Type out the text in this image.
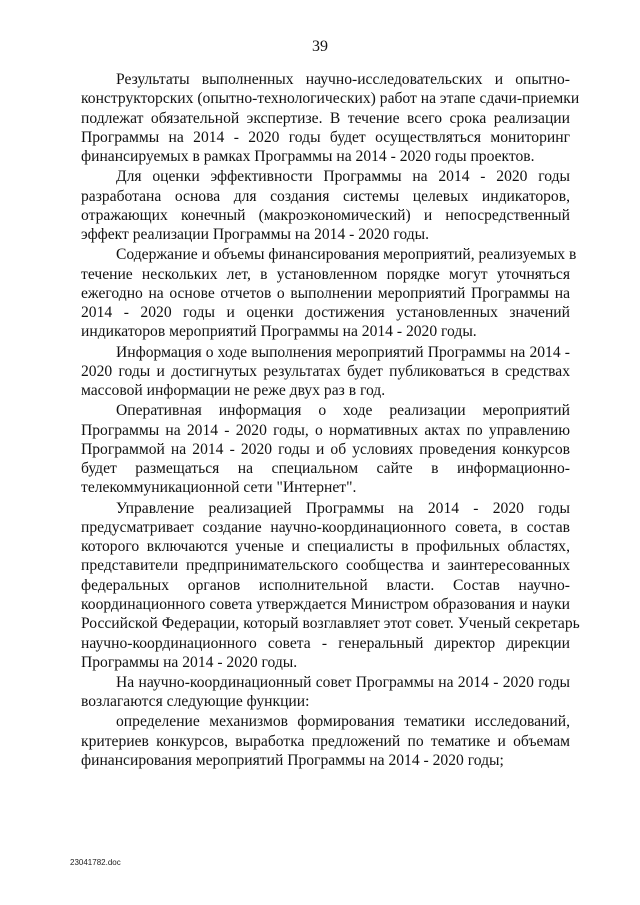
39
Результаты выполненных научно-исследовательских и опытно-
конструкторских (опытно-технологических) работ на этапе сдачи-приемки
подлежат обязательной экспертизе. В течение всего срока реализации
Программы на 2014 - 2020 годы будет осуществляться мониторинг
финансируемых в рамках Программы на 2014 - 2020 годы проектов.
Для оценки эффективности Программы на 2014 - 2020 годы
разработана основа для создания системы целевых индикаторов,
отражающих конечный (макроэкономический) и непосредственный
эффект реализации Программы на 2014 - 2020 годы.
Содержание и объемы финансирования мероприятий, реализуемых в
течение нескольких лет, в установленном порядке могут уточняться
ежегодно на основе отчетов о выполнении мероприятий Программы на
2014 - 2020 годы и оценки достижения установленных значений
индикаторов мероприятий Программы на 2014 - 2020 годы.
Информация о ходе выполнения мероприятий Программы на 2014 -
2020 годы и достигнутых результатах будет публиковаться в средствах
массовой информации не реже двух раз в год.
Оперативная информация о ходе реализации мероприятий
Программы на 2014 - 2020 годы, о нормативных актах по управлению
Программой на 2014 - 2020 годы и об условиях проведения конкурсов
будет размещаться на специальном сайте в информационно-
телекоммуникационной сети "Интернет".
Управление реализацией Программы на 2014 - 2020 годы
предусматривает создание научно-координационного совета, в состав
которого включаются ученые и специалисты в профильных областях,
представители предпринимательского сообщества и заинтересованных
федеральных органов исполнительной власти. Состав научно-
координационного совета утверждается Министром образования и науки
Российской Федерации, который возглавляет этот совет. Ученый секретарь
научно-координационного совета - генеральный директор дирекции
Программы на 2014 - 2020 годы.
На научно-координационный совет Программы на 2014 - 2020 годы
возлагаются следующие функции:
определение механизмов формирования тематики исследований,
критериев конкурсов, выработка предложений по тематике и объемам
финансирования мероприятий Программы на 2014 - 2020 годы;
23041782.doc
